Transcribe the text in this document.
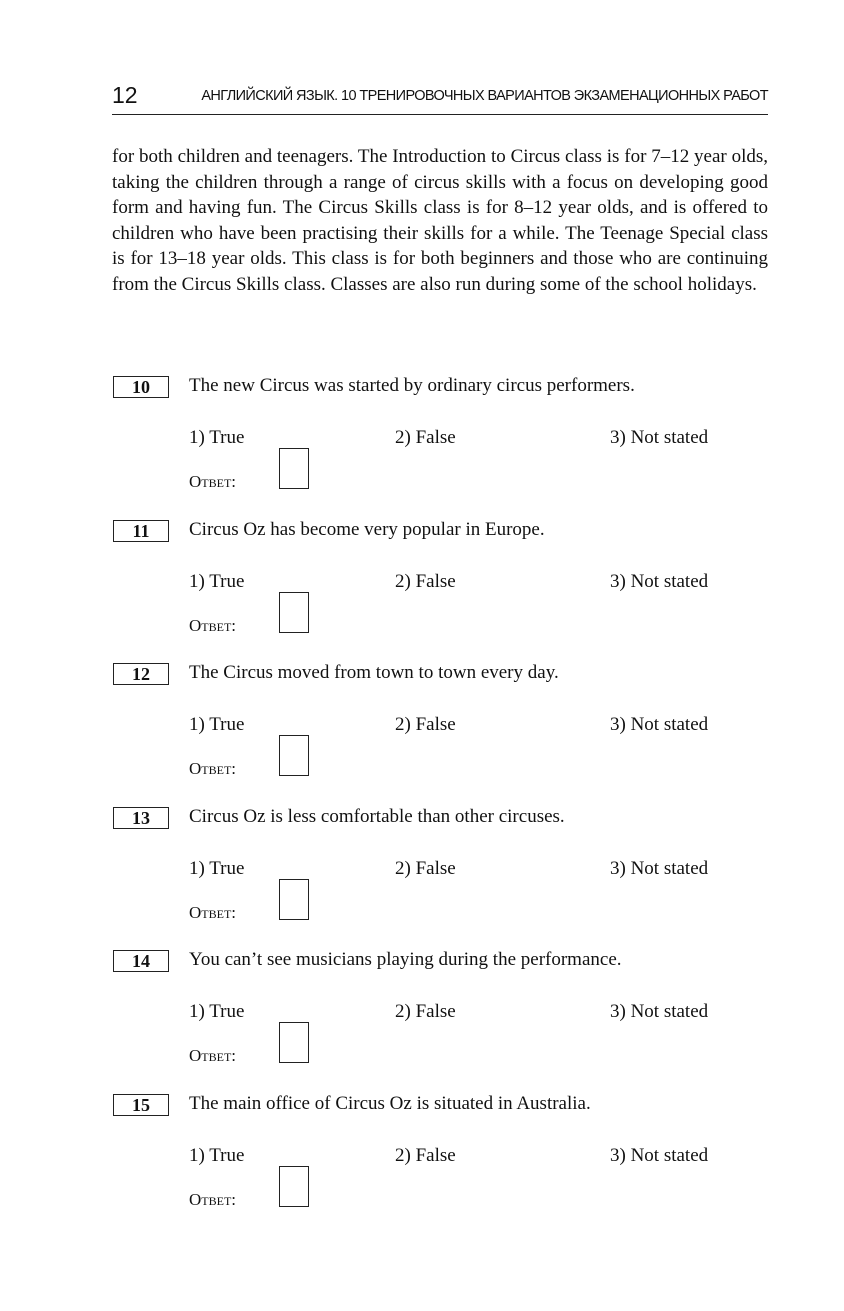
12	АНГЛИЙСКИЙ ЯЗЫК. 10 ТРЕНИРОВОЧНЫХ ВАРИАНТОВ ЭКЗАМЕНАЦИОННЫХ РАБОТ

for both children and teenagers. The Introduction to Circus class is for 7–12 year olds, taking the children through a range of circus skills with a focus on developing good form and having fun. The Circus Skills class is for 8–12 year olds, and is offered to children who have been practising their skills for a while. The Teenage Special class is for 13–18 year olds. This class is for both beginners and those who are continuing from the Circus Skills class. Classes are also run during some of the school holidays.

10	The new Circus was started by ordinary circus performers.
1) True	2) False	3) Not stated
Ответ:
11	Circus Oz has become very popular in Europe.
1) True	2) False	3) Not stated
Ответ:
12	The Circus moved from town to town every day.
1) True	2) False	3) Not stated
Ответ:
13	Circus Oz is less comfortable than other circuses.
1) True	2) False	3) Not stated
Ответ:
14	You can’t see musicians playing during the performance.
1) True	2) False	3) Not stated
Ответ:
15	The main office of Circus Oz is situated in Australia.
1) True	2) False	3) Not stated
Ответ:
